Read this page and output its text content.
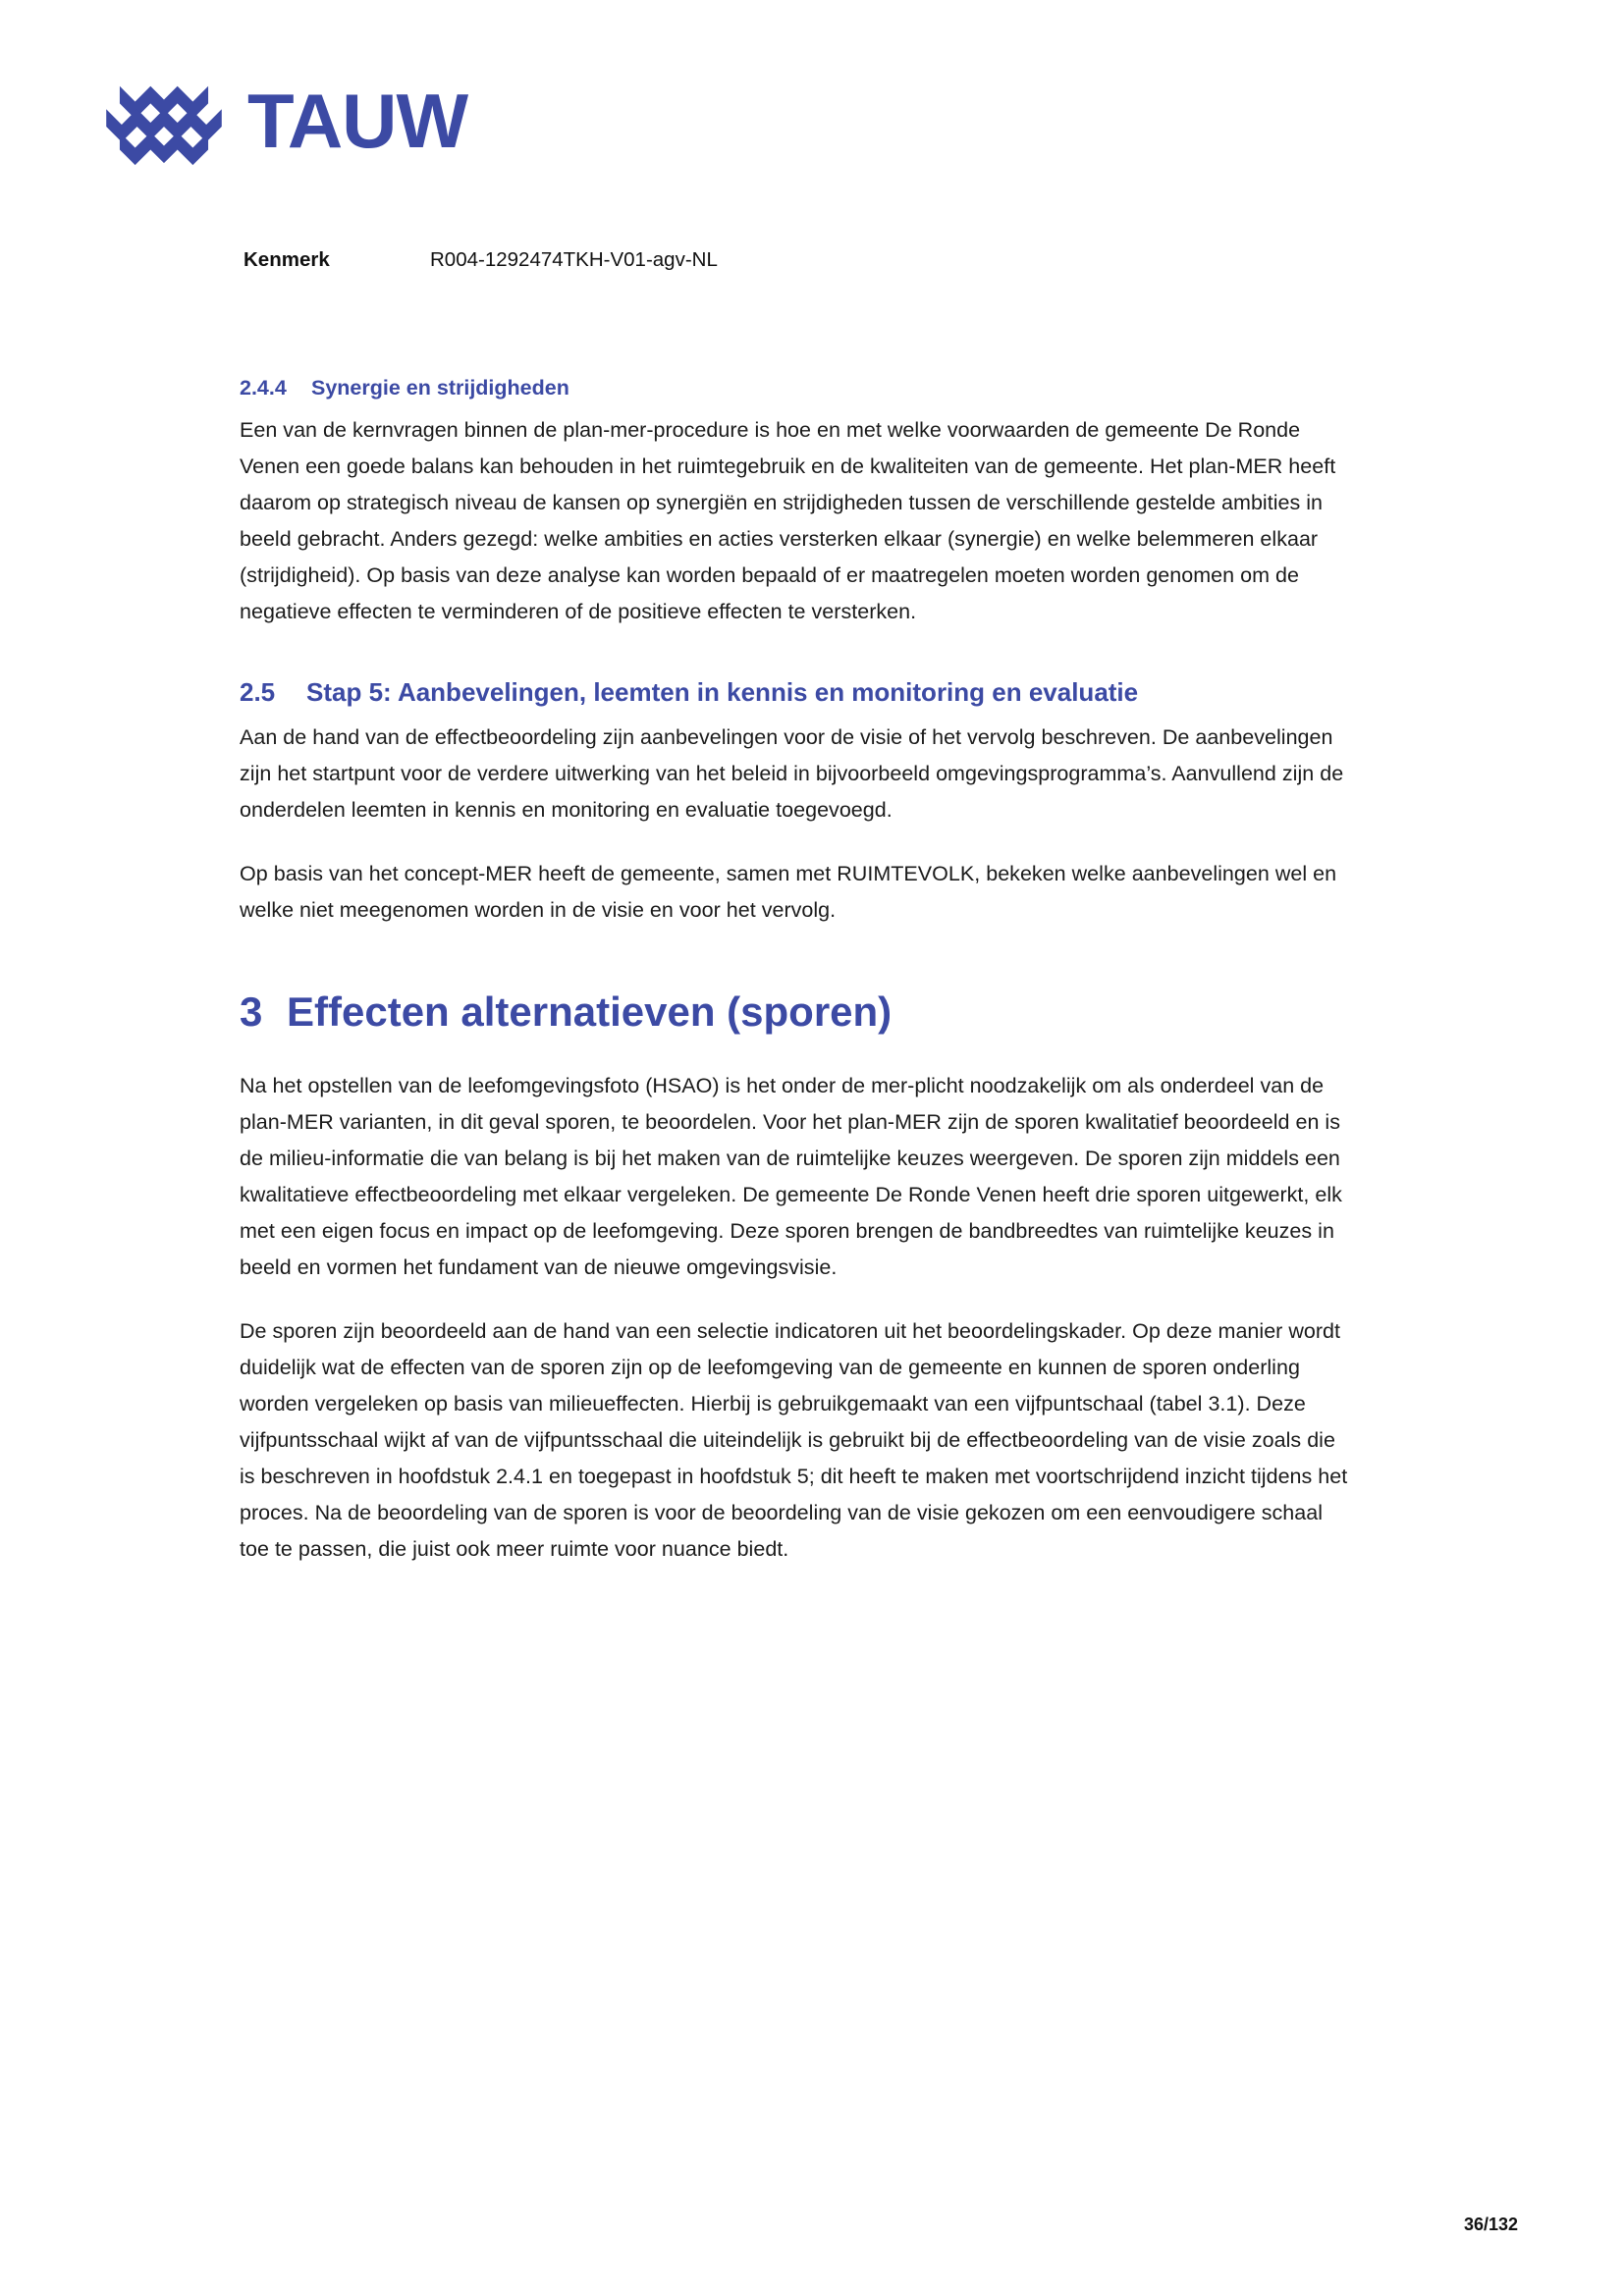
TAUW
Kenmerk	R004-1292474TKH-V01-agv-NL
2.4.4	Synergie en strijdigheden

Een van de kernvragen binnen de plan-mer-procedure is hoe en met welke voorwaarden de gemeente De Ronde Venen een goede balans kan behouden in het ruimtegebruik en de kwaliteiten van de gemeente. Het plan-MER heeft daarom op strategisch niveau de kansen op synergiën en strijdigheden tussen de verschillende gestelde ambities in beeld gebracht. Anders gezegd: welke ambities en acties versterken elkaar (synergie) en welke belemmeren elkaar (strijdigheid). Op basis van deze analyse kan worden bepaald of er maatregelen moeten worden genomen om de negatieve effecten te verminderen of de positieve effecten te versterken.

2.5	Stap 5: Aanbevelingen, leemten in kennis en monitoring en evaluatie

Aan de hand van de effectbeoordeling zijn aanbevelingen voor de visie of het vervolg beschreven. De aanbevelingen zijn het startpunt voor de verdere uitwerking van het beleid in bijvoorbeeld omgevingsprogramma’s. Aanvullend zijn de onderdelen leemten in kennis en monitoring en evaluatie toegevoegd.

Op basis van het concept-MER heeft de gemeente, samen met RUIMTEVOLK, bekeken welke aanbevelingen wel en welke niet meegenomen worden in de visie en voor het vervolg.

3 Effecten alternatieven (sporen)

Na het opstellen van de leefomgevingsfoto (HSAO) is het onder de mer-plicht noodzakelijk om als onderdeel van de plan-MER varianten, in dit geval sporen, te beoordelen. Voor het plan-MER zijn de sporen kwalitatief beoordeeld en is de milieu-informatie die van belang is bij het maken van de ruimtelijke keuzes weergeven. De sporen zijn middels een kwalitatieve effectbeoordeling met elkaar vergeleken. De gemeente De Ronde Venen heeft drie sporen uitgewerkt, elk met een eigen focus en impact op de leefomgeving. Deze sporen brengen de bandbreedtes van ruimtelijke keuzes in beeld en vormen het fundament van de nieuwe omgevingsvisie.

De sporen zijn beoordeeld aan de hand van een selectie indicatoren uit het beoordelingskader. Op deze manier wordt duidelijk wat de effecten van de sporen zijn op de leefomgeving van de gemeente en kunnen de sporen onderling worden vergeleken op basis van milieueffecten. Hierbij is gebruikgemaakt van een vijfpuntschaal (tabel 3.1). Deze vijfpuntsschaal wijkt af van de vijfpuntsschaal die uiteindelijk is gebruikt bij de effectbeoordeling van de visie zoals die is beschreven in hoofdstuk 2.4.1 en toegepast in hoofdstuk 5; dit heeft te maken met voortschrijdend inzicht tijdens het proces. Na de beoordeling van de sporen is voor de beoordeling van de visie gekozen om een eenvoudigere schaal toe te passen, die juist ook meer ruimte voor nuance biedt.

36/132
